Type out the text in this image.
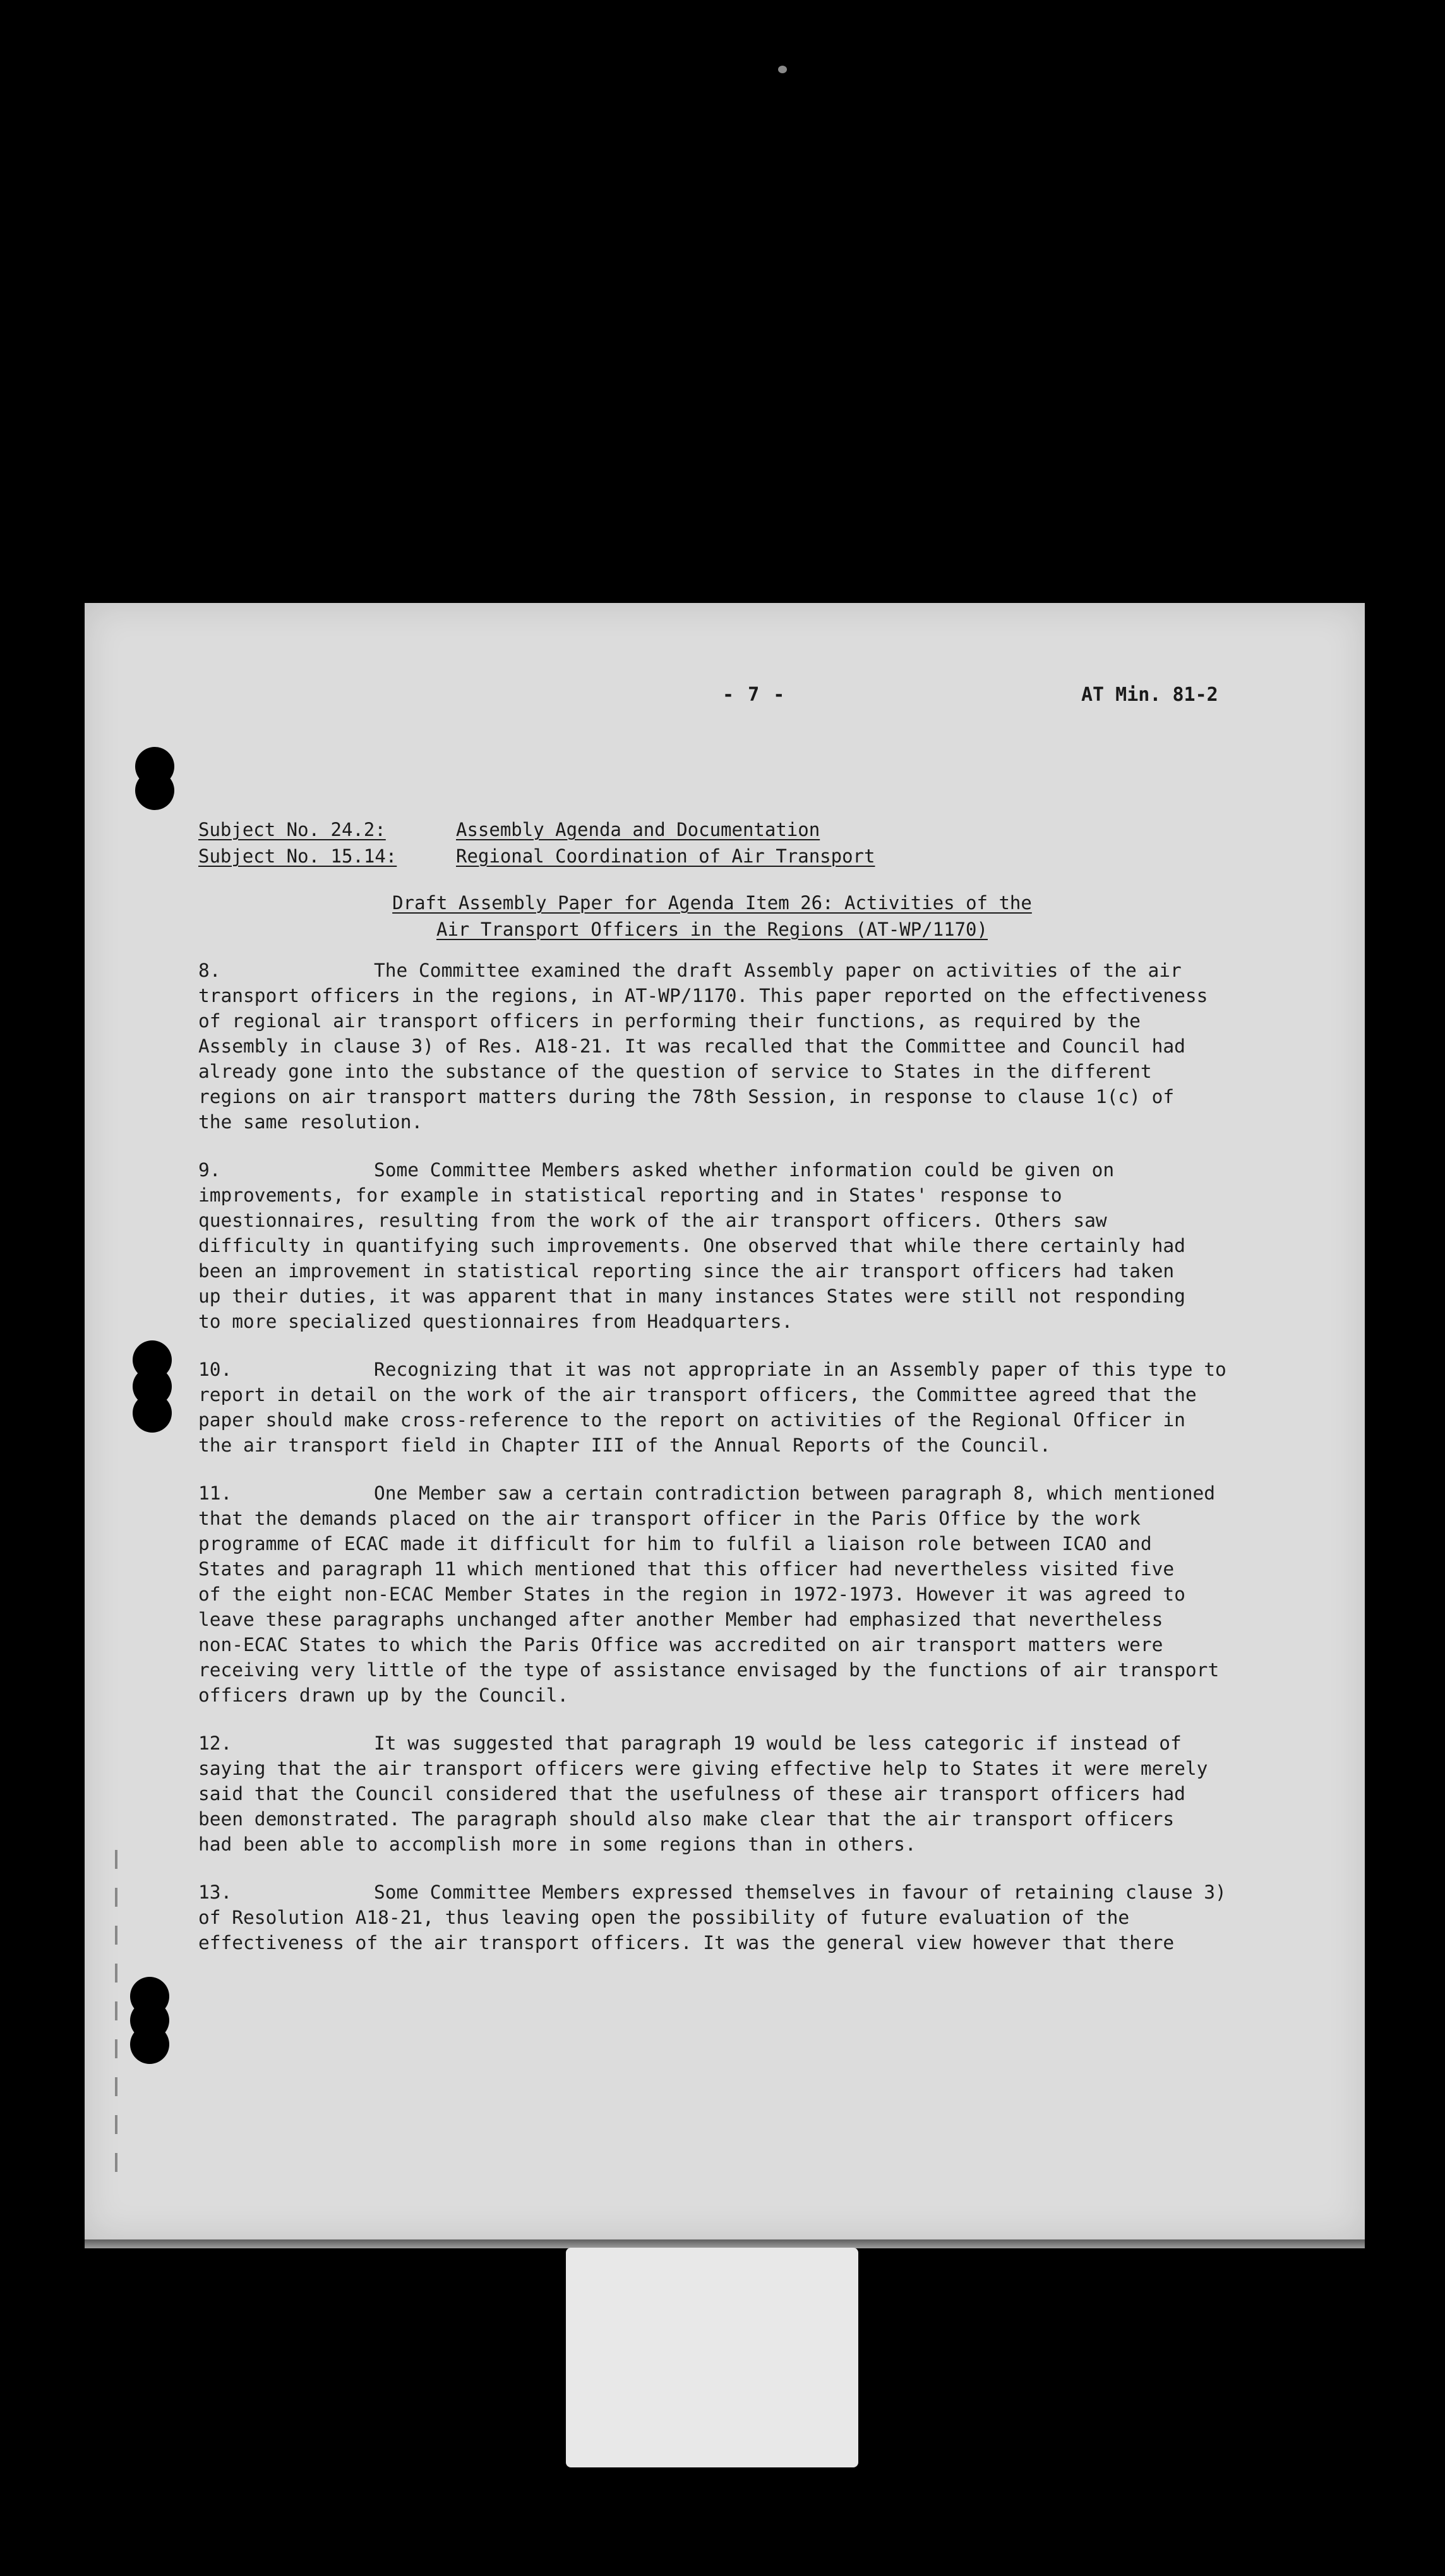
- 7 -	AT Min. 81-2
Subject No. 24.2:	Assembly Agenda and Documentation
Subject No. 15.14:	Regional Coordination of Air Transport
Draft Assembly Paper for Agenda Item 26: Activities of the
Air Transport Officers in the Regions (AT-WP/1170)
8.	The Committee examined the draft Assembly paper on activities of the air
transport officers in the regions, in AT-WP/1170. This paper reported on the effectiveness
of regional air transport officers in performing their functions, as required by the
Assembly in clause 3) of Res. A18-21. It was recalled that the Committee and Council had
already gone into the substance of the question of service to States in the different
regions on air transport matters during the 78th Session, in response to clause 1(c) of
the same resolution.
9.	Some Committee Members asked whether information could be given on
improvements, for example in statistical reporting and in States' response to
questionnaires, resulting from the work of the air transport officers. Others saw
difficulty in quantifying such improvements. One observed that while there certainly had
been an improvement in statistical reporting since the air transport officers had taken
up their duties, it was apparent that in many instances States were still not responding
to more specialized questionnaires from Headquarters.
10.	Recognizing that it was not appropriate in an Assembly paper of this type to
report in detail on the work of the air transport officers, the Committee agreed that the
paper should make cross-reference to the report on activities of the Regional Officer in
the air transport field in Chapter III of the Annual Reports of the Council.
11.	One Member saw a certain contradiction between paragraph 8, which mentioned
that the demands placed on the air transport officer in the Paris Office by the work
programme of ECAC made it difficult for him to fulfil a liaison role between ICAO and
States and paragraph 11 which mentioned that this officer had nevertheless visited five
of the eight non-ECAC Member States in the region in 1972-1973. However it was agreed to
leave these paragraphs unchanged after another Member had emphasized that nevertheless
non-ECAC States to which the Paris Office was accredited on air transport matters were
receiving very little of the type of assistance envisaged by the functions of air transport
officers drawn up by the Council.
12.	It was suggested that paragraph 19 would be less categoric if instead of
saying that the air transport officers were giving effective help to States it were merely
said that the Council considered that the usefulness of these air transport officers had
been demonstrated. The paragraph should also make clear that the air transport officers
had been able to accomplish more in some regions than in others.
13.	Some Committee Members expressed themselves in favour of retaining clause 3)
of Resolution A18-21, thus leaving open the possibility of future evaluation of the
effectiveness of the air transport officers. It was the general view however that there
